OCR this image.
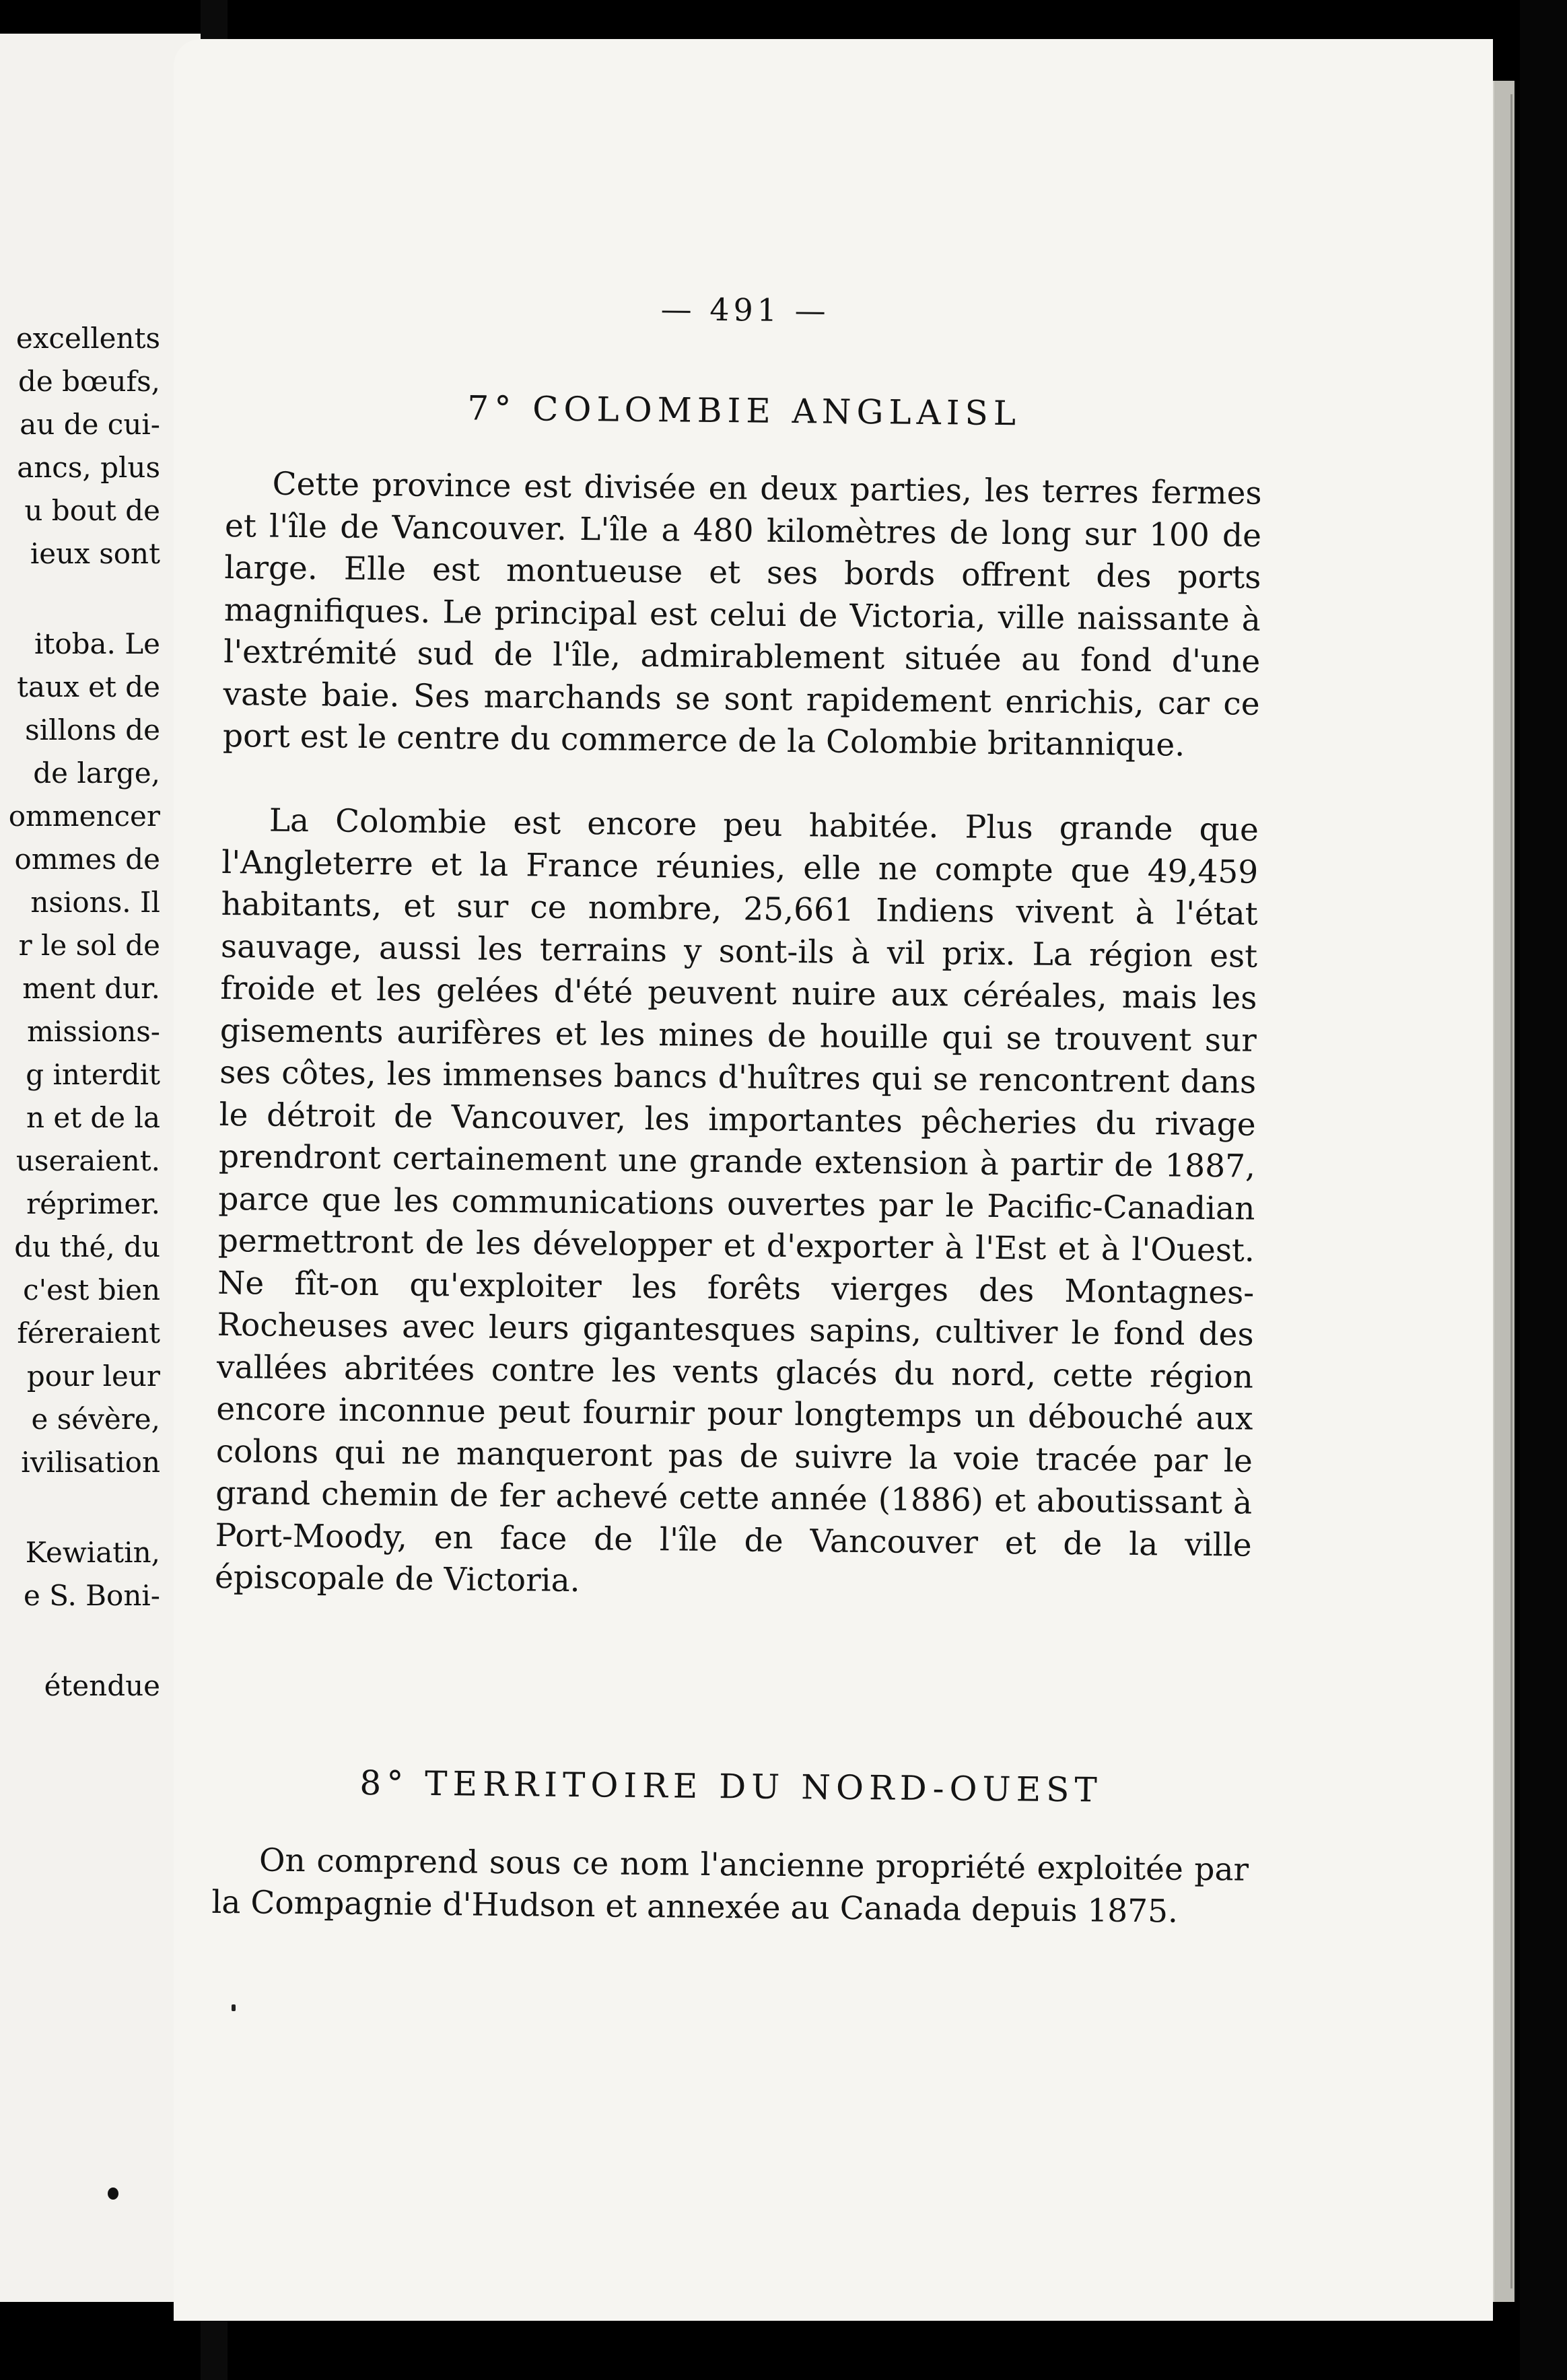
excellents
de bœufs,
au de cui-
ancs, plus
u bout de
ieux sont
itoba. Le
taux et de
sillons de
de large,
ommencer
ommes de
nsions. Il
r le sol de
ment dur.
missions-
g interdit
n et de la
useraient.
réprimer.
du thé, du
c'est bien
féreraient
pour leur
e sévère,
ivilisation
Kewiatin,
e S. Boni-
étendue
— 491 —
7° COLOMBIE ANGLAISL

Cette province est divisée en deux parties, les terres fermes et l'île de Vancouver. L'île a 480 kilomètres de long sur 100 de large. Elle est montueuse et ses bords offrent des ports magnifiques. Le principal est celui de Victoria, ville naissante à l'extrémité sud de l'île, admirablement située au fond d'une vaste baie. Ses marchands se sont rapidement enrichis, car ce port est le centre du commerce de la Colombie britannique.

La Colombie est encore peu habitée. Plus grande que l'Angleterre et la France réunies, elle ne compte que 49,459 habitants, et sur ce nombre, 25,661 Indiens vivent à l'état sauvage, aussi les terrains y sont-ils à vil prix. La région est froide et les gelées d'été peuvent nuire aux céréales, mais les gisements aurifères et les mines de houille qui se trouvent sur ses côtes, les immenses bancs d'huîtres qui se rencontrent dans le détroit de Vancouver, les importantes pêcheries du rivage prendront certainement une grande extension à partir de 1887, parce que les communications ouvertes par le Pacific-Canadian permettront de les développer et d'exporter à l'Est et à l'Ouest. Ne fît-on qu'exploiter les forêts vierges des Montagnes-Rocheuses avec leurs gigantesques sapins, cultiver le fond des vallées abritées contre les vents glacés du nord, cette région encore inconnue peut fournir pour longtemps un débouché aux colons qui ne manqueront pas de suivre la voie tracée par le grand chemin de fer achevé cette année (1886) et aboutissant à Port-Moody, en face de l'île de Vancouver et de la ville épiscopale de Victoria.

8° TERRITOIRE DU NORD-OUEST

On comprend sous ce nom l'ancienne propriété exploitée par la Compagnie d'Hudson et annexée au Canada depuis 1875.
